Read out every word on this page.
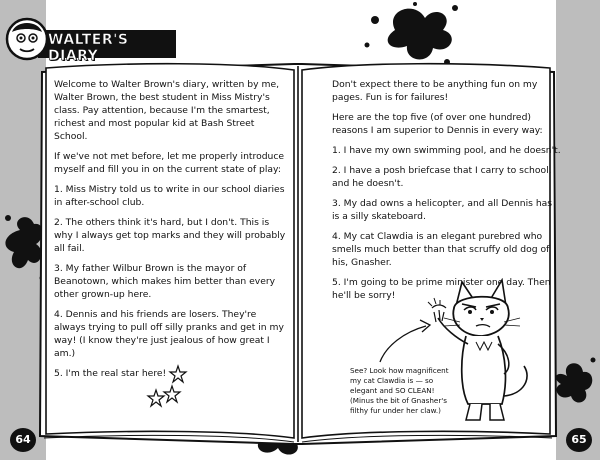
WALTER'S DIARY

Welcome to Walter Brown's diary, written by me, Walter Brown, the best student in Miss Mistry's class. Pay attention, because I'm the smartest, richest and most popular kid at Bash Street School.

If we've not met before, let me properly introduce myself and fill you in on the current state of play:

1. Miss Mistry told us to write in our school diaries in after-school club.

2. The others think it's hard, but I don't. This is why I always get top marks and they will probably all fail.

3. My father Wilbur Brown is the mayor of Beanotown, which makes him better than every other grown-up here.

4. Dennis and his friends are losers. They're always trying to pull off silly pranks and get in my way! (I know they're just jealous of how great I am.)

5. I'm the real star here!

Don't expect there to be anything fun on my pages. Fun is for failures!

Here are the top five (of over one hundred) reasons I am superior to Dennis in every way:

1. I have my own swimming pool, and he doesn't.

2. I have a posh briefcase that I carry to school, and he doesn't.

3. My dad owns a helicopter, and all Dennis has is a silly skateboard.

4. My cat Clawdia is an elegant purebred who smells much better than that scruffy old dog of his, Gnasher.

5. I'm going to be prime minister one day. Then he'll be sorry!

See? Look how magnificent my cat Clawdia is — so elegant and SO CLEAN! (Minus the bit of Gnasher's filthy fur under her claw.)
64	65
